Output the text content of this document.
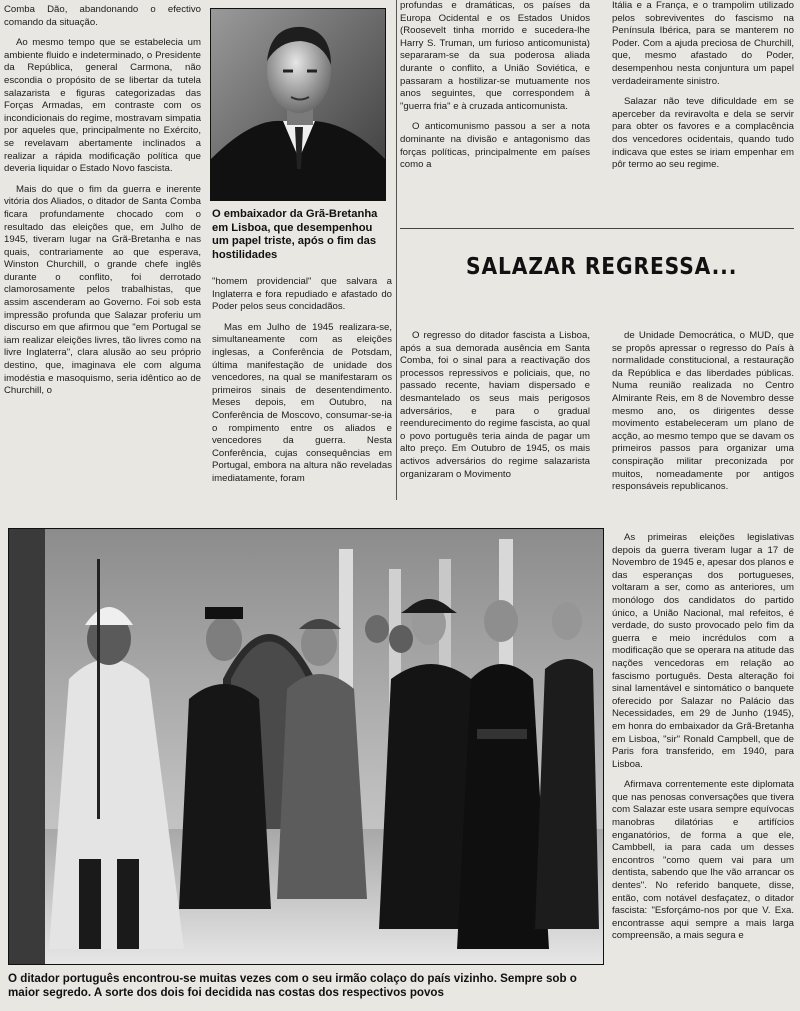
Comba Dão, abandonando o efectivo comando da situação.

Ao mesmo tempo que se estabelecia um ambiente fluido e indeterminado, o Presidente da República, general Carmona, não escondia o propósito de se libertar da tutela salazarista e figuras categorizadas das Forças Armadas, em contraste com os incondicionais do regime, mostravam simpatia por aqueles que, principalmente no Exército, se revelavam abertamente inclinados a realizar a rápida modificação política que deveria liquidar o Estado Novo fascista.

Mais do que o fim da guerra e inerente vitória dos Aliados, o ditador de Santa Comba ficara profundamente chocado com o resultado das eleições que, em Julho de 1945, tiveram lugar na Grã-Bretanha e nas quais, contrariamente ao que esperava, Winston Churchill, o grande chefe inglês durante o conflito, foi derrotado clamorosamente pelos trabalhistas, que assim ascenderam ao Governo. Foi sob esta impressão profunda que Salazar proferiu um discurso em que afirmou que "em Portugal se iam realizar eleições livres, tão livres como na livre Inglaterra", clara alusão ao seu próprio destino, que, imaginava ele com alguma imodéstia e masoquismo, seria idêntico ao de Churchill, o

O embaixador da Grã-Bretanha em Lisboa, que desempenhou um papel triste, após o fim das hostilidades

"homem providencial" que salvara a Inglaterra e fora repudiado e afastado do Poder pelos seus concidadãos.

Mas em Julho de 1945 realizara-se, simultaneamente com as eleições inglesas, a Conferência de Potsdam, última manifestação de unidade dos vencedores, na qual se manifestaram os primeiros sinais de desentendimento. Meses depois, em Outubro, na Conferência de Moscovo, consumar-se-ia o rompimento entre os aliados e vencedores da guerra. Nesta Conferência, cujas consequências em Portugal, embora na altura não reveladas imediatamente, foram

profundas e dramáticas, os países da Europa Ocidental e os Estados Unidos (Roosevelt tinha morrido e sucedera-lhe Harry S. Truman, um furioso anticomunista) separaram-se da sua poderosa aliada durante o conflito, a União Soviética, e passaram a hostilizar-se mutuamente nos anos seguintes, que correspondem à "guerra fria" e à cruzada anticomunista.

O anticomunismo passou a ser a nota dominante na divisão e antagonismo das forças políticas, principalmente em países como a

Itália e a França, e o trampolim utilizado pelos sobreviventes do fascismo na Península Ibérica, para se manterem no Poder. Com a ajuda preciosa de Churchill, que, mesmo afastado do Poder, desempenhou nesta conjuntura um papel verdadeiramente sinistro.

Salazar não teve dificuldade em se aperceber da reviravolta e dela se servir para obter os favores e a complacência dos vencedores ocidentais, quando tudo indicava que estes se iriam empenhar em pôr termo ao seu regime.

SALAZAR REGRESSA...

O regresso do ditador fascista a Lisboa, após a sua demorada ausência em Santa Comba, foi o sinal para a reactivação dos processos repressivos e policiais, que, no passado recente, haviam dispersado e desmantelado os seus mais perigosos adversários, e para o gradual reendurecimento do regime fascista, ao qual o povo português teria ainda de pagar um alto preço. Em Outubro de 1945, os mais activos adversários do regime salazarista organizaram o Movimento

de Unidade Democrática, o MUD, que se propôs apressar o regresso do País à normalidade constitucional, a restauração da República e das liberdades públicas. Numa reunião realizada no Centro Almirante Reis, em 8 de Novembro desse mesmo ano, os dirigentes desse movimento estabeleceram um plano de acção, ao mesmo tempo que se davam os primeiros passos para organizar uma conspiração militar preconizada por muitos, nomeadamente por antigos responsáveis republicanos.

As primeiras eleições legislativas depois da guerra tiveram lugar a 17 de Novembro de 1945 e, apesar dos planos e das esperanças dos portugueses, voltaram a ser, como as anteriores, um monólogo dos candidatos do partido único, a União Nacional, mal refeitos, é verdade, do susto provocado pelo fim da guerra e meio incrédulos com a modificação que se operara na atitude das nações vencedoras em relação ao fascismo português. Desta alteração foi sinal lamentável e sintomático o banquete oferecido por Salazar no Palácio das Necessidades, em 29 de Junho (1945), em honra do embaixador da Grã-Bretanha em Lisboa, "sir" Ronald Campbell, que de Paris fora transferido, em 1940, para Lisboa.

Afirmava correntemente este diplomata que nas penosas conversações que tivera com Salazar este usara sempre equívocas manobras dilatórias e artifícios enganatórios, de forma a que ele, Cambbell, ia para cada um desses encontros "como quem vai para um dentista, sabendo que lhe vão arrancar os dentes". No referido banquete, disse, então, com notável desfaçatez, o ditador fascista: "Esforçámo-nos por que V. Exa. encontrasse aqui sempre a mais larga compreensão, a mais segura e

O ditador português encontrou-se muitas vezes com o seu irmão colaço do país vizinho. Sempre sob o maior segredo. A sorte dos dois foi decidida nas costas dos respectivos povos
